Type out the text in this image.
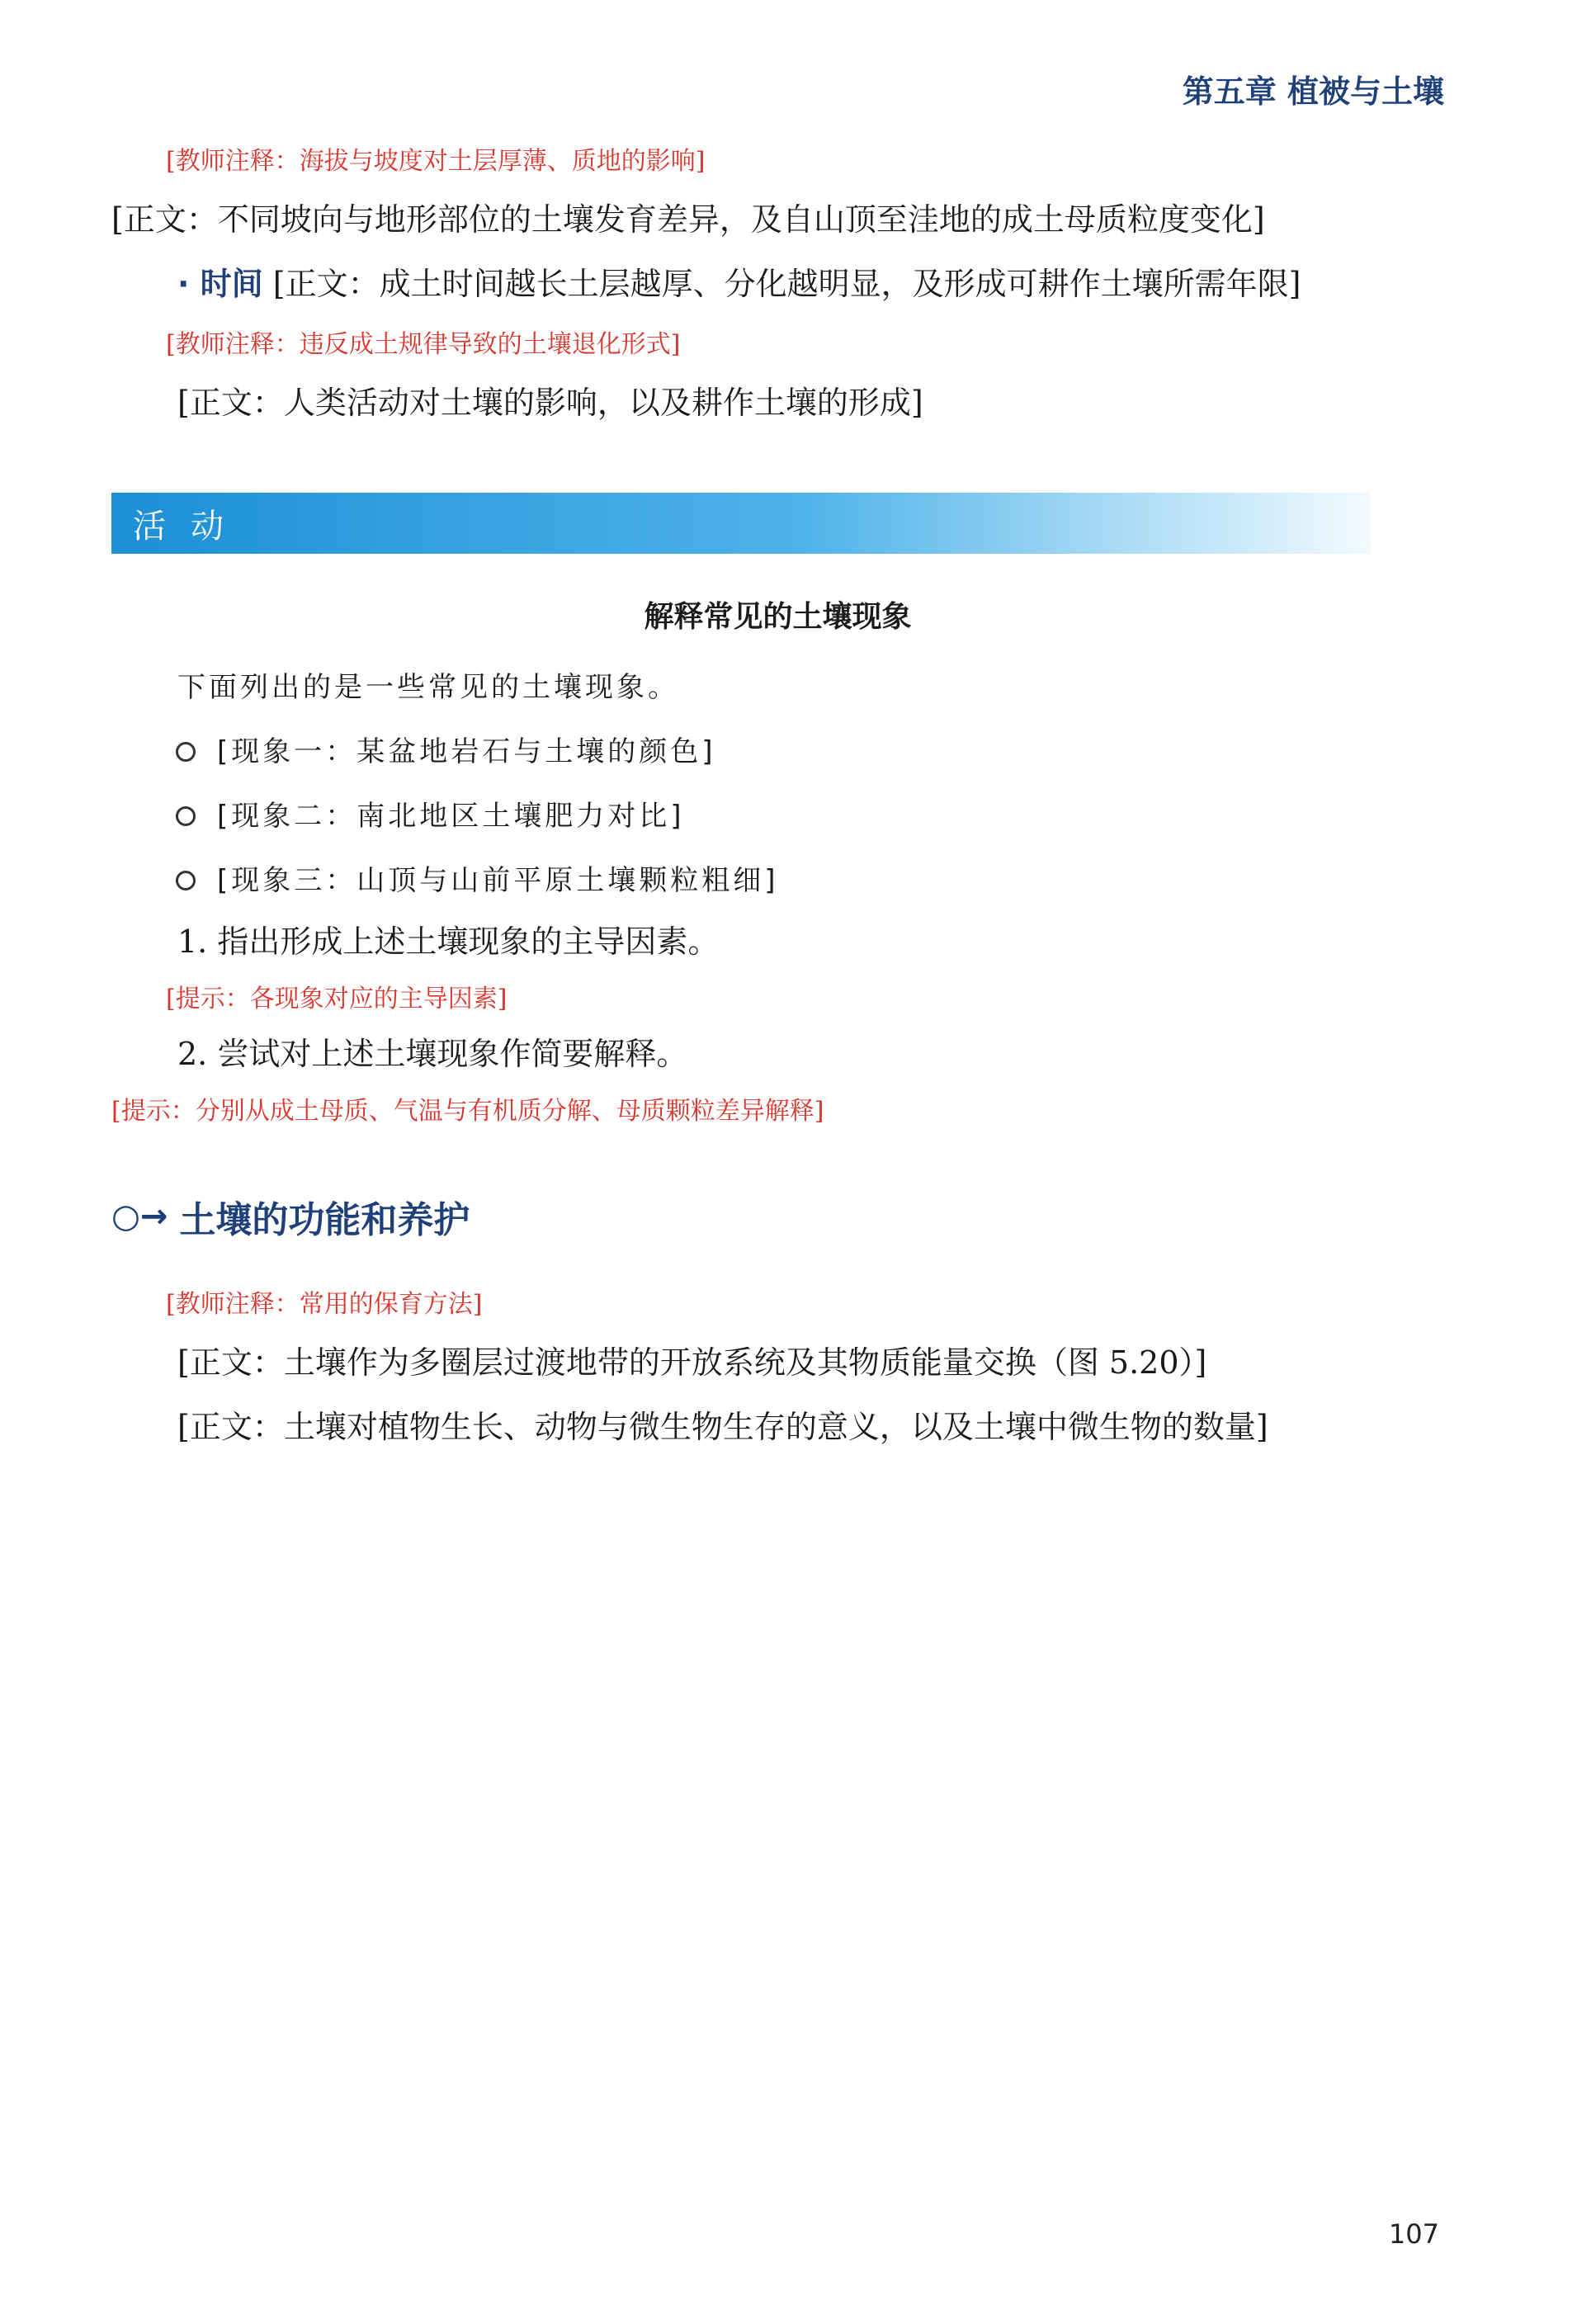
第五章 植被与土壤
[教师注释：海拔与坡度对土层厚薄、质地的影响]

[正文：不同坡向与地形部位的土壤发育差异，及自山顶至洼地的成土母质粒度变化]

· 时间 [正文：成土时间越长土层越厚、分化越明显，及形成可耕作土壤所需年限]

[教师注释：违反成土规律导致的土壤退化形式]

[正文：人类活动对土壤的影响，以及耕作土壤的形成]

活动
解释常见的土壤现象
下面列出的是一些常见的土壤现象。
[现象一：某盆地岩石与土壤的颜色]
[现象二：南北地区土壤肥力对比]
[现象三：山顶与山前平原土壤颗粒粗细]
1. 指出形成上述土壤现象的主导因素。
[提示：各现象对应的主导因素]
2. 尝试对上述土壤现象作简要解释。
[提示：分别从成土母质、气温与有机质分解、母质颗粒差异解释]
○→ 土壤的功能和养护
[教师注释：常用的保育方法]

[正文：土壤作为多圈层过渡地带的开放系统及其物质能量交换（图 5.20）]

[正文：土壤对植物生长、动物与微生物生存的意义，以及土壤中微生物的数量]

107
